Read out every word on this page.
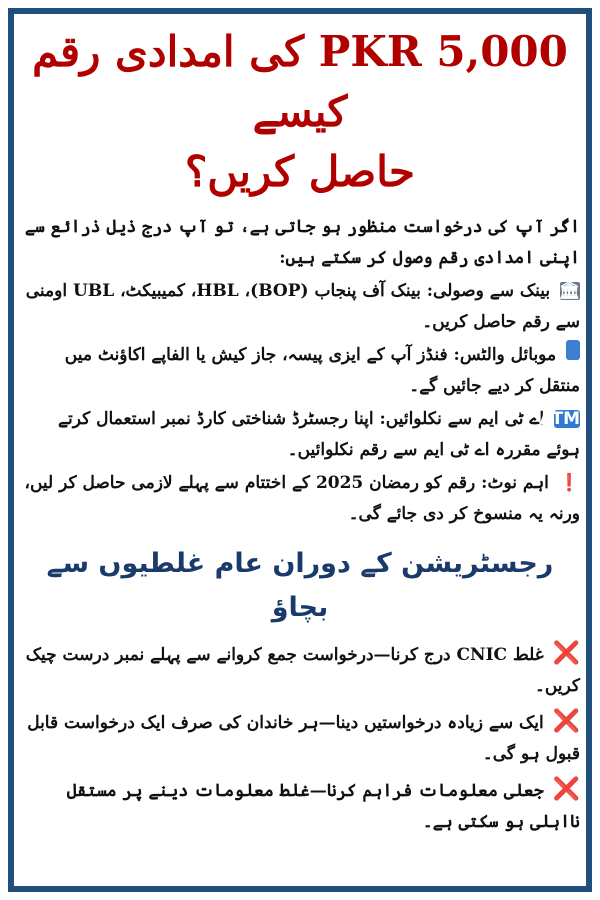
PKR 5,000 کی امدادی رقم کیسے
حاصل کریں؟

اگر آپ کی درخواست منظور ہو جاتی ہے، تو آپ درج ذیل ذرائع سے اپنی امدادی رقم وصول کر سکتے ہیں:

🏛 بینک سے وصولی: بینک آف پنجاب (BOP)، HBL، کمیبیکٹ، UBL اومنی سے رقم حاصل کریں۔

موبائل والٹس: فنڈز آپ کے ایزی پیسہ، جاز کیش یا الفاپے اکاؤنٹ میں منتقل کر دیے جائیں گے۔

ATM اے ٹی ایم سے نکلوائیں: اپنا رجسٹرڈ شناختی کارڈ نمبر استعمال کرتے ہوئے مقررہ اے ٹی ایم سے رقم نکلوائیں۔

❗ اہم نوٹ: رقم کو رمضان 2025 کے اختتام سے پہلے لازمی حاصل کر لیں، ورنہ یہ منسوخ کر دی جائے گی۔

رجسٹریشن کے دوران عام غلطیوں سے بچاؤ

❌ غلط CNIC درج کرنا—درخواست جمع کروانے سے پہلے نمبر درست چیک کریں۔

❌ ایک سے زیادہ درخواستیں دینا—ہر خاندان کی صرف ایک درخواست قابل قبول ہو گی۔

❌ جعلی معلومات فراہم کرنا—غلط معلومات دینے پر مستقل نااہلی ہو سکتی ہے۔
